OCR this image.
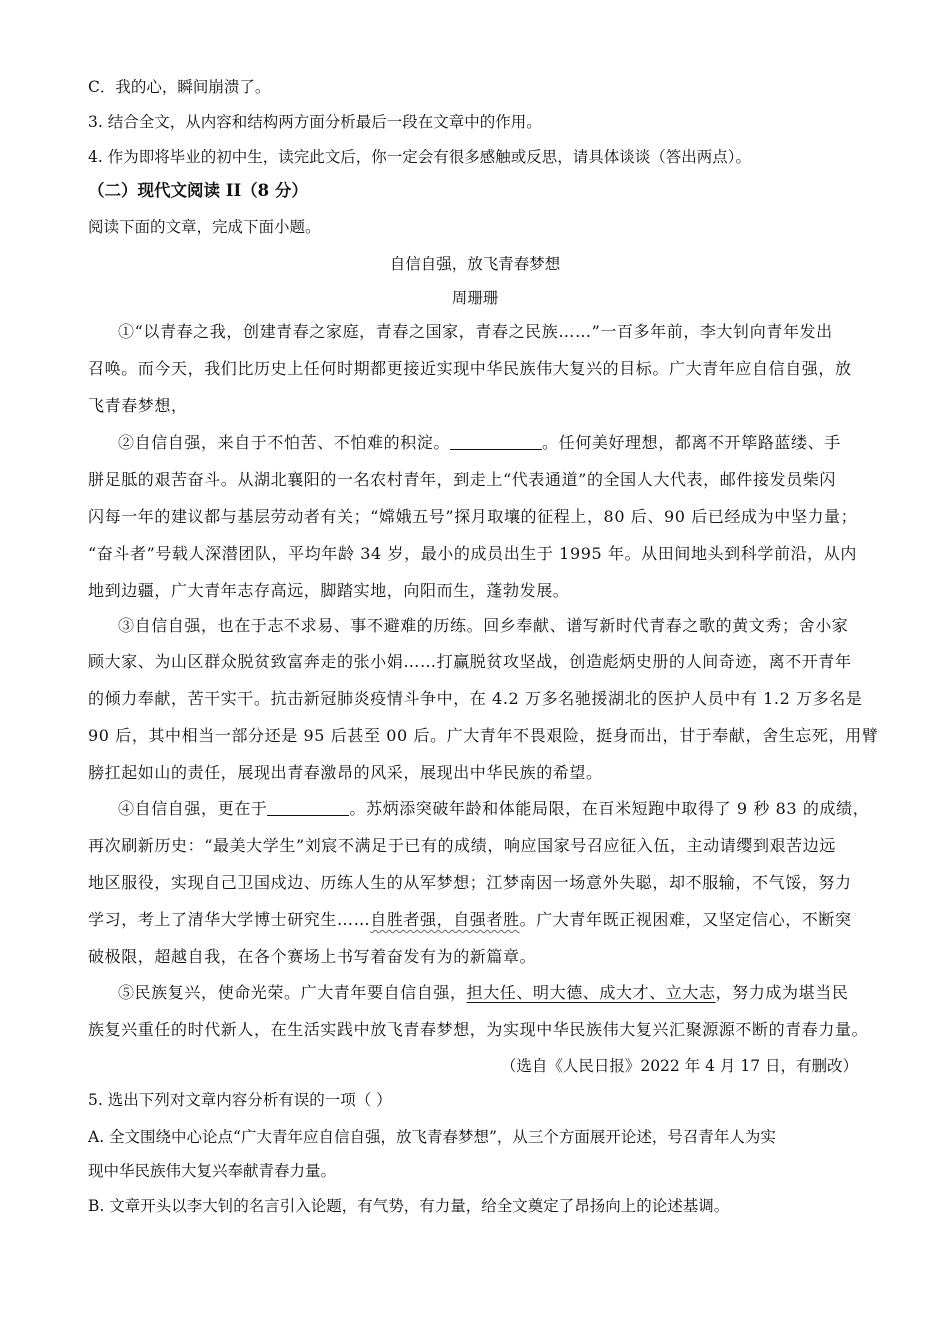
C．我的心，瞬间崩溃了。
3. 结合全文，从内容和结构两方面分析最后一段在文章中的作用。
4. 作为即将毕业的初中生，读完此文后，你一定会有很多感触或反思，请具体谈谈（答出两点）。
（二）现代文阅读 II（8 分）
阅读下面的文章，完成下面小题。
自信自强，放飞青春梦想
周珊珊
①“以青春之我，创建青春之家庭，青春之国家，青春之民族……”一百多年前，李大钊向青年发出
召唤。而今天，我们比历史上任何时期都更接近实现中华民族伟大复兴的目标。广大青年应自信自强，放
飞青春梦想，
②自信自强，来自于不怕苦、不怕难的积淀。	。任何美好理想，都离不开筚路蓝缕、手
胼足胝的艰苦奋斗。从湖北襄阳的一名农村青年，到走上“代表通道”的全国人大代表，邮件接发员柴闪
闪每一年的建议都与基层劳动者有关；“嫦娥五号”探月取壤的征程上，80 后、90 后已经成为中坚力量；
“奋斗者”号载人深潜团队，平均年龄 34 岁，最小的成员出生于 1995 年。从田间地头到科学前沿，从内
地到边疆，广大青年志存高远，脚踏实地，向阳而生，蓬勃发展。
③自信自强，也在于志不求易、事不避难的历练。回乡奉献、谱写新时代青春之歌的黄文秀；舍小家
顾大家、为山区群众脱贫致富奔走的张小娟……打赢脱贫攻坚战，创造彪炳史册的人间奇迹，离不开青年
的倾力奉献，苦干实干。抗击新冠肺炎疫情斗争中，在 4.2 万多名驰援湖北的医护人员中有 1.2 万多名是
90 后，其中相当一部分还是 95 后甚至 00 后。广大青年不畏艰险，挺身而出，甘于奉献，舍生忘死，用臂
膀扛起如山的责任，展现出青春激昂的风采，展现出中华民族的希望。
④自信自强，更在于	。苏炳添突破年龄和体能局限，在百米短跑中取得了 9 秒 83 的成绩，
再次刷新历史：“最美大学生”刘宸不满足于已有的成绩，响应国家号召应征入伍，主动请缨到艰苦边远
地区服役，实现自己卫国戍边、历练人生的从军梦想；江梦南因一场意外失聪，却不服输，不气馁，努力
学习，考上了清华大学博士研究生……自胜者强，自强者胜。广大青年既正视困难，又坚定信心，不断突
破极限，超越自我，在各个赛场上书写着奋发有为的新篇章。
⑤民族复兴，使命光荣。广大青年要自信自强，担大任、明大德、成大才、立大志，努力成为堪当民
族复兴重任的时代新人，在生活实践中放飞青春梦想，为实现中华民族伟大复兴汇聚源源不断的青春力量。
（选自《人民日报》2022 年 4 月 17 日，有删改）
5. 选出下列对文章内容分析有误的一项（ ）
A. 全文围绕中心论点“广大青年应自信自强，放飞青春梦想”，从三个方面展开论述，号召青年人为实
现中华民族伟大复兴奉献青春力量。
B. 文章开头以李大钊的名言引入论题，有气势，有力量，给全文奠定了昂扬向上的论述基调。
